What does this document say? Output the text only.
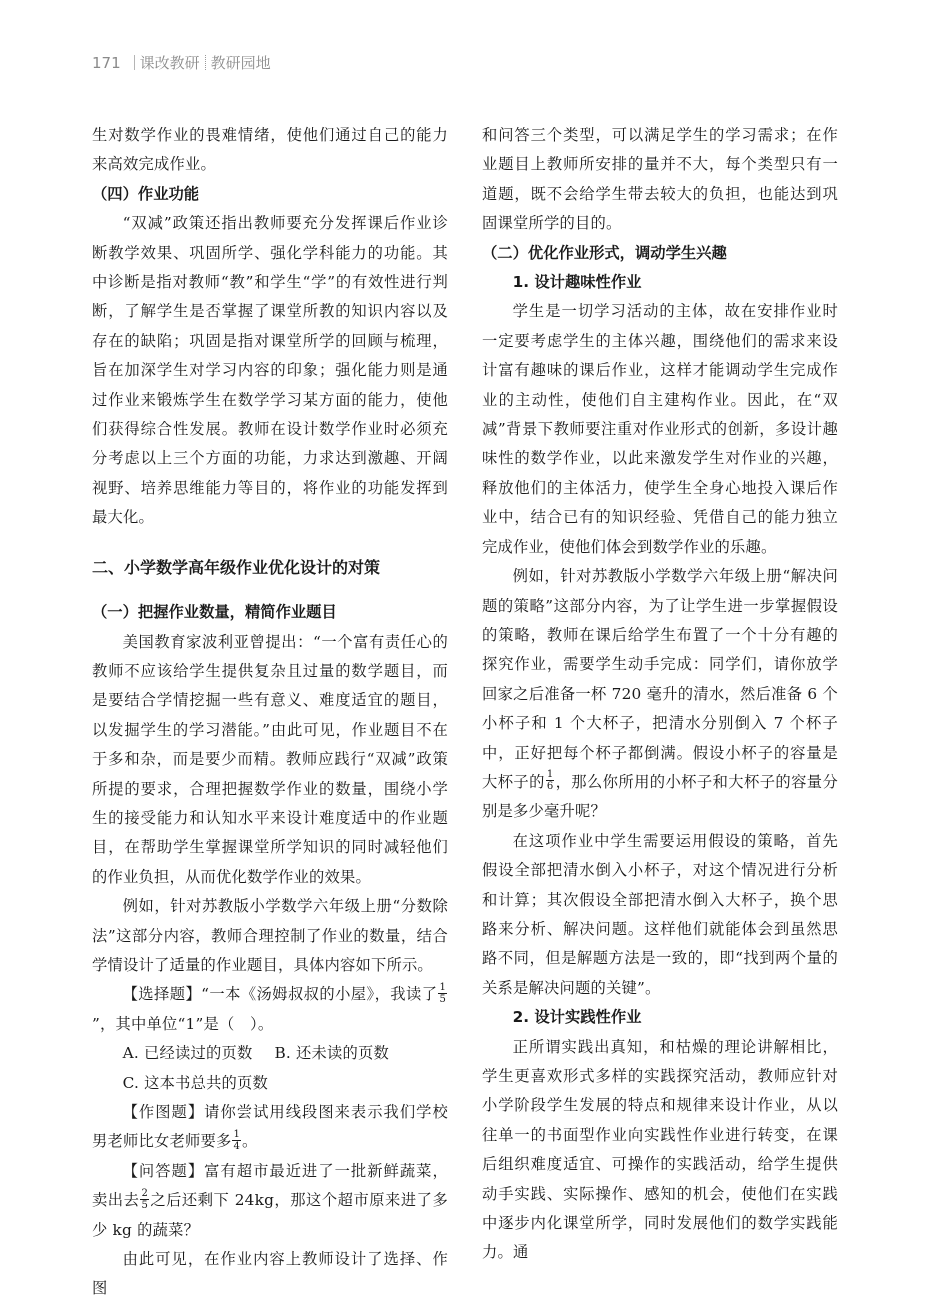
171 课改教研 教研园地

生对数学作业的畏难情绪，使他们通过自己的能力来高效完成作业。

（四）作业功能

“双减”政策还指出教师要充分发挥课后作业诊断教学效果、巩固所学、强化学科能力的功能。其中诊断是指对教师“教”和学生“学”的有效性进行判断，了解学生是否掌握了课堂所教的知识内容以及存在的缺陷；巩固是指对课堂所学的回顾与梳理，旨在加深学生对学习内容的印象；强化能力则是通过作业来锻炼学生在数学学习某方面的能力，使他们获得综合性发展。教师在设计数学作业时必须充分考虑以上三个方面的功能，力求达到激趣、开阔视野、培养思维能力等目的，将作业的功能发挥到最大化。

二、小学数学高年级作业优化设计的对策
（一）把握作业数量，精简作业题目

美国教育家波利亚曾提出：“一个富有责任心的教师不应该给学生提供复杂且过量的数学题目，而是要结合学情挖掘一些有意义、难度适宜的题目，以发掘学生的学习潜能。”由此可见，作业题目不在于多和杂，而是要少而精。教师应践行“双减”政策所提的要求，合理把握数学作业的数量，围绕小学生的接受能力和认知水平来设计难度适中的作业题目，在帮助学生掌握课堂所学知识的同时减轻他们的作业负担，从而优化数学作业的效果。

例如，针对苏教版小学数学六年级上册“分数除法”这部分内容，教师合理控制了作业的数量，结合学情设计了适量的作业题目，具体内容如下所示。

【选择题】“一本《汤姆叔叔的小屋》，我读了 $\frac{1}{5}$
”，其中单位“1”是（　）。

A. 已经读过的页数 B. 还未读的页数

C. 这本书总共的页数

【作图题】请你尝试用线段图来表示我们学校男老师比女老师要多 $\frac{1}{4}$ 。

【问答题】富有超市最近进了一批新鲜蔬菜，卖出去 $\frac{2}{5}$ 之后还剩下 24kg，那这个超市原来进了多少 kg 的蔬菜？

由此可见，在作业内容上教师设计了选择、作图

和问答三个类型，可以满足学生的学习需求；在作业题目上教师所安排的量并不大，每个类型只有一道题，既不会给学生带去较大的负担，也能达到巩固课堂所学的目的。

（二）优化作业形式，调动学生兴趣
1. 设计趣味性作业

学生是一切学习活动的主体，故在安排作业时一定要考虑学生的主体兴趣，围绕他们的需求来设计富有趣味的课后作业，这样才能调动学生完成作业的主动性，使他们自主建构作业。因此，在“双减”背景下教师要注重对作业形式的创新，多设计趣味性的数学作业，以此来激发学生对作业的兴趣，释放他们的主体活力，使学生全身心地投入课后作业中，结合已有的知识经验、凭借自己的能力独立完成作业，使他们体会到数学作业的乐趣。

例如，针对苏教版小学数学六年级上册“解决问题的策略”这部分内容，为了让学生进一步掌握假设的策略，教师在课后给学生布置了一个十分有趣的探究作业，需要学生动手完成：同学们，请你放学回家之后准备一杯 720 毫升的清水，然后准备 6 个小杯子和 1 个大杯子，把清水分别倒入 7 个杯子中，正好把每个杯子都倒满。假设小杯子的容量是大杯子的 $\frac{1}{6}$ ，那么你所用的小杯子和大杯子的容量分别是多少毫升呢？

在这项作业中学生需要运用假设的策略，首先假设全部把清水倒入小杯子，对这个情况进行分析和计算；其次假设全部把清水倒入大杯子，换个思路来分析、解决问题。这样他们就能体会到虽然思路不同，但是解题方法是一致的，即“找到两个量的关系是解决问题的关键”。

2. 设计实践性作业

正所谓实践出真知，和枯燥的理论讲解相比，学生更喜欢形式多样的实践探究活动，教师应针对小学阶段学生发展的特点和规律来设计作业，从以往单一的书面型作业向实践性作业进行转变，在课后组织难度适宜、可操作的实践活动，给学生提供动手实践、实际操作、感知的机会，使他们在实践中逐步内化课堂所学，同时发展他们的数学实践能力。通
